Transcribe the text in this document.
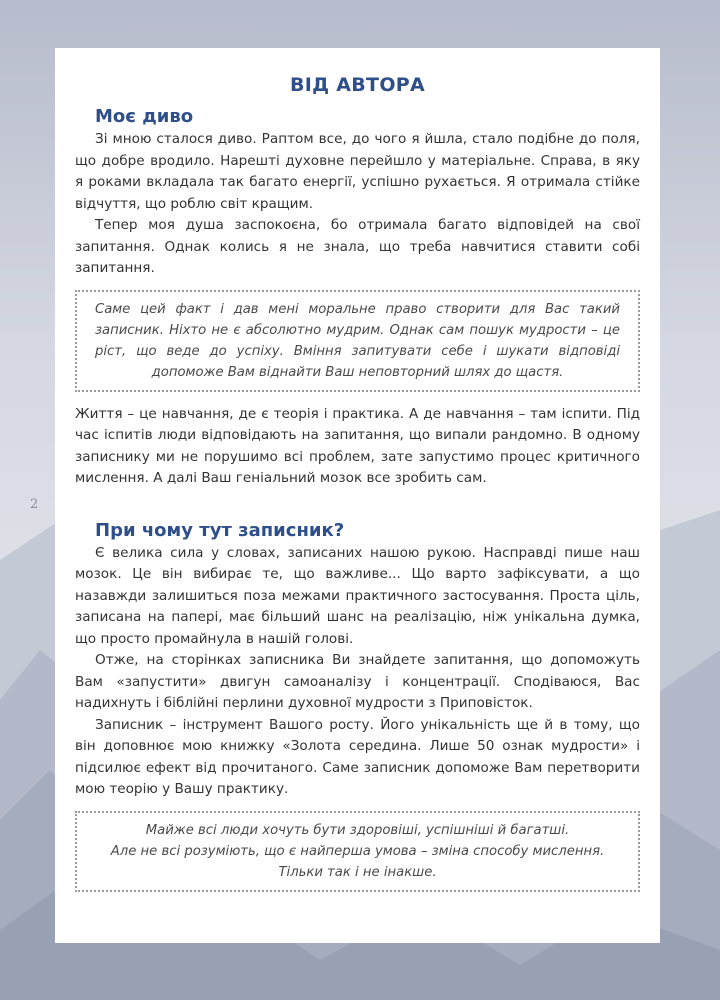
2
ВІД АВТОРА
Моє диво

Зі мною сталося диво. Раптом все, до чого я йшла, стало подібне до поля, що добре вродило. Нарешті духовне перейшло у матеріальне. Справа, в яку я роками вкладала так багато енергії, успішно рухається. Я отримала стійке відчуття, що роблю світ кращим.

Тепер моя душа заспокоєна, бо отримала багато відповідей на свої запитання. Однак колись я не знала, що треба навчитися ставити собі запитання.

Саме цей факт і дав мені моральне право створити для Вас такий записник. Ніхто не є абсолютно мудрим. Однак сам пошук мудрости – це ріст, що веде до успіху. Вміння запитувати себе і шукати відповіді допоможе Вам віднайти Ваш неповторний шлях до щастя.

Життя – це навчання, де є теорія і практика. А де навчання – там іспити. Під час іспитів люди відповідають на запитання, що випали рандомно. В одному записнику ми не порушимо всі проблем, зате запустимо процес критичного мислення. А далі Ваш геніальний мозок все зробить сам.

При чому тут записник?

Є велика сила у словах, записаних нашою рукою. Насправді пише наш мозок. Це він вибирає те, що важливе... Що варто зафіксувати, а що назавжди залишиться поза межами практичного застосування. Проста ціль, записана на папері, має більший шанс на реалізацію, ніж унікальна думка, що просто промайнула в нашій голові.

Отже, на сторінках записника Ви знайдете запитання, що допоможуть Вам «запустити» двигун самоаналізу і концентрації. Сподіваюся, Вас надихнуть і біблійні перлини духовної мудрости з Приповісток.

Записник – інструмент Вашого росту. Його унікальність ще й в тому, що він доповнює мою книжку «Золота середина. Лише 50 ознак мудрости» і підсилює ефект від прочитаного. Саме записник допоможе Вам перетворити мою теорію у Вашу практику.

Майже всі люди хочуть бути здоровіші, успішніші й багатші.
Але не всі розуміють, що є найперша умова – зміна способу мислення.
Тільки так і не інакше.
